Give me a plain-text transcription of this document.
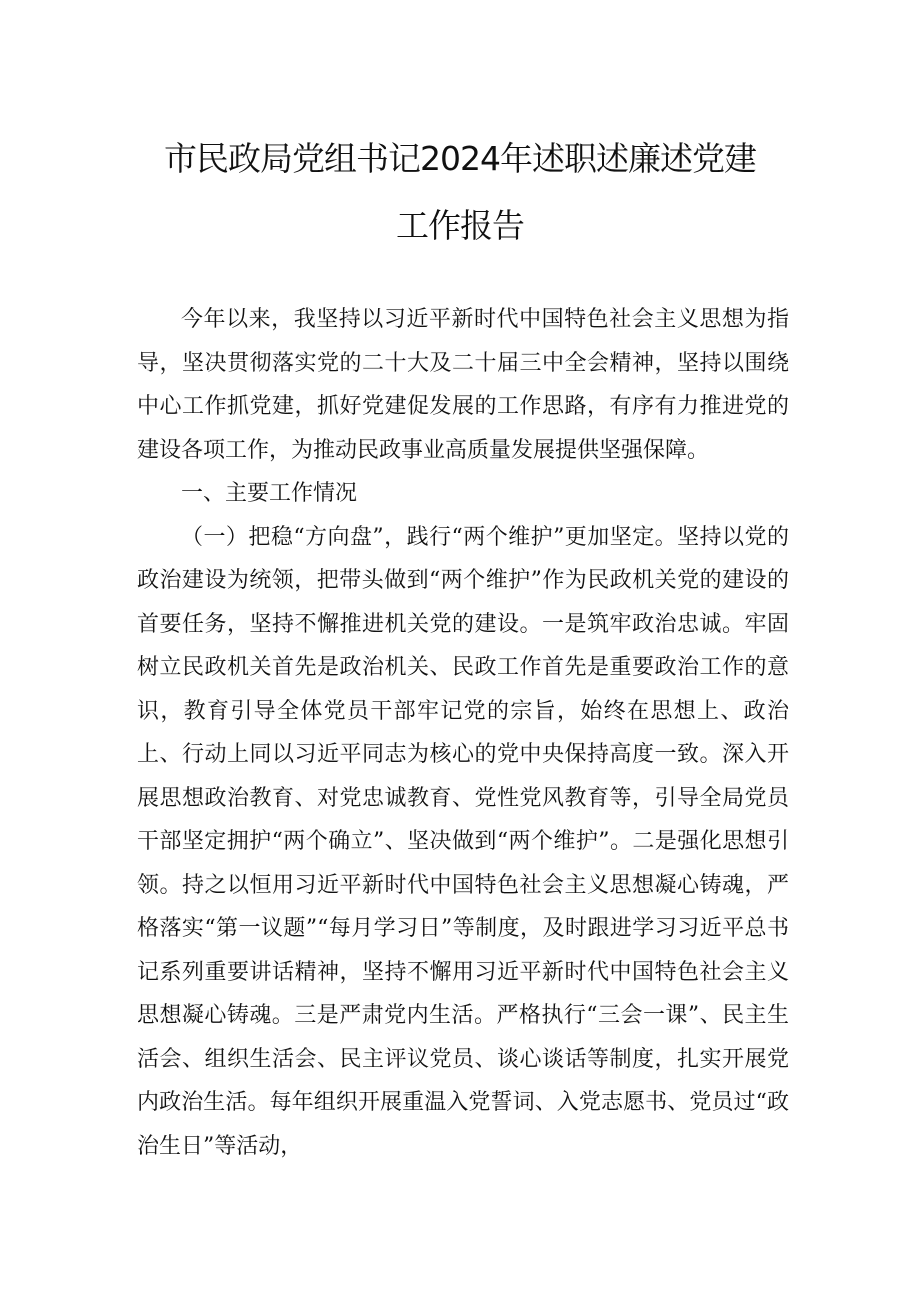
市民政局党组书记2024年述职述廉述党建
工作报告

今年以来，我坚持以习近平新时代中国特色社会主义思想为指导，坚决贯彻落实党的二十大及二十届三中全会精神，坚持以围绕中心工作抓党建，抓好党建促发展的工作思路，有序有力推进党的建设各项工作，为推动民政事业高质量发展提供坚强保障。

一、主要工作情况

（一）把稳“方向盘”，践行“两个维护”更加坚定。坚持以党的政治建设为统领，把带头做到“两个维护”作为民政机关党的建设的首要任务，坚持不懈推进机关党的建设。一是筑牢政治忠诚。牢固树立民政机关首先是政治机关、民政工作首先是重要政治工作的意识，教育引导全体党员干部牢记党的宗旨，始终在思想上、政治上、行动上同以习近平同志为核心的党中央保持高度一致。深入开展思想政治教育、对党忠诚教育、党性党风教育等，引导全局党员干部坚定拥护“两个确立”、坚决做到“两个维护”。二是强化思想引领。持之以恒用习近平新时代中国特色社会主义思想凝心铸魂，严格落实“第一议题”“每月学习日”等制度，及时跟进学习习近平总书记系列重要讲话精神，坚持不懈用习近平新时代中国特色社会主义思想凝心铸魂。三是严肃党内生活。严格执行“三会一课”、民主生活会、组织生活会、民主评议党员、谈心谈话等制度，扎实开展党内政治生活。每年组织开展重温入党誓词、入党志愿书、党员过“政治生日”等活动，
